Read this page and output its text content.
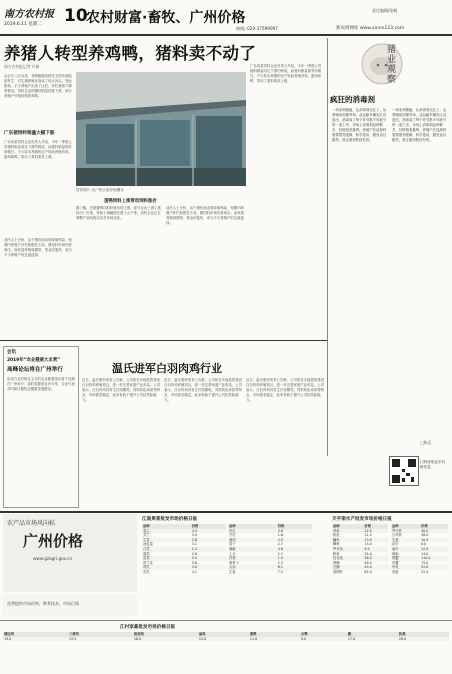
南方农村报
2019.6.11 星期二 10
农村财富·畜牧、广州价格	责任编辑/张帆
热线: 020-37599097	新农网网址 www.xinnn123.com
养猪人转型养鸡鸭，猪料卖不动了
南方农村报记者 许娟
从去年八月以来，非洲猪瘟疫情在全国多地陆续发生，对生猪养殖业造成了较大冲击。受此影响，不少养殖户出现了压栏、补栏意愿下降等情况，饲料企业的猪料销量持续下滑，部分养殖户开始转型养鸡鸭。
广东猪饲料销量大幅下跌
广东省某饲料企业负责人介绍，今年一季度公司猪料销量同比下滑约两成，而禽料销量则有所增长。不少原本养猪的农户转而养殖肉鸡、蛋鸡和鸭，带动了禽料需求上涨。
业内人士分析，由于猪价波动和疫病风险，短期内养殖户补栏积极性不高，猪饲料市场仍将承压；而家禽养殖周期短、资金回笼快，成为不少养殖户的过渡选择。
资料图片 农户的水禽养殖棚舍
蛋鸭饲料上涨带动饲料涨价
据了解，近期蛋鸭饲料价格出现上涨，部分企业上调了禽料出厂价格，每吨上调幅度在数十元不等，饲料企业正在调整产品结构以应对市场变化。
业内人士分析，由于猪价波动和疫病风险，短期内养殖户补栏积极性不高，猪饲料市场仍将承压；而家禽养殖周期短、资金回笼快，成为不少养殖户的过渡选择。
广东省某饲料企业负责人介绍，今年一季度公司猪料销量同比下滑约两成，而禽料销量则有所增长。不少原本养猪的农户转而养殖肉鸡、蛋鸡和鸭，带动了禽料需求上涨。	猪业观察
疯狂的消毒剂
一场非洲猪瘟，让消毒剂走红了。从养殖场到屠宰场，从运输车辆到人员进出，消毒成了每个环节都不可缺少的一道工序。市场上消毒剂品种繁多，价格相差悬殊，养殖户在选择时需要擦亮眼睛，科学选用，避免盲目跟风，真正做到防疫有效。
一场非洲猪瘟，让消毒剂走红了。从养殖场到屠宰场，从运输车辆到人员进出，消毒成了每个环节都不可缺少的一道工序。市场上消毒剂品种繁多，价格相差悬殊，养殖户在选择时需要擦亮眼睛，科学选用，避免盲目跟风，真正做到防疫有效。
□陈灵
会讯
2019年“农业健康大本营”
高峰论坛将在广州举行
由南方农村报社主办的农业健康论坛将于近期在广州举行，届时将邀请业内专家、企业代表共同探讨畜牧业健康发展路径。
温氏进军白羽肉鸡行业
近日，温氏股份发布公告称，公司拟在多地投资建设白羽肉鸡养殖项目，进一步完善家禽产业布局。公司表示，白羽肉鸡具有生长周期短、饲料转化率高等特点，市场需求稳定，此举有助于提升公司抗风险能力。
近日，温氏股份发布公告称，公司拟在多地投资建设白羽肉鸡养殖项目，进一步完善家禽产业布局。公司表示，白羽肉鸡具有生长周期短、饲料转化率高等特点，市场需求稳定，此举有助于提升公司抗风险能力。
近日，温氏股份发布公告称，公司拟在多地投资建设白羽肉鸡养殖项目，进一步完善家禽产业布局。公司表示，白羽肉鸡具有生长周期短、饲料转化率高等特点，市场需求稳定，此举有助于提升公司抗风险能力。
扫码获取更多价格信息
农产品市场风向标
广州价格
www.gzagri.gov.cn
免费提供市场价格，种养技术，市场行情
江南果菜批发市场价格日报
品种	价格
菜心	4.3
芥兰	3.9
生菜	2.8
油麦菜	3.1
白菜	2.2
通菜	2.6
苋菜	3.4
西兰花	5.6
青瓜	3.0
苦瓜	4.1
品种	价格
丝瓜	3.8
冬瓜	1.6
番茄	3.5
茄子	2.7
辣椒	4.8
土豆	2.1
洋葱	1.9
胡萝卜	2.3
大蒜	6.2
生姜	7.5
天平架水产批发市场价格日报
品种	价格
草鱼	12.0
鲩鱼	11.5
鳙鱼	13.0
鲫鱼	15.0
罗非鱼	9.5
鲈鱼	24.0
桂花鱼	56.0
黄鳝	48.0
白鳝	45.0
基围虾	62.0
品种	价格
罗氏虾	40.0
白对虾	38.0
生蚝	10.0
花甲	8.0
扇贝	12.0
海蛎	14.0
膏蟹	110.0
肉蟹	75.0
甲鱼	52.0
青蛙	22.0
江村家禽批发市场价格日报
清远鸡	三黄鸡	胡须鸡	麻鸡	番鸭	白鸭	鹅	乳鸽
19.0	13.5	16.0	12.0	11.0	9.0	17.0	28.0
